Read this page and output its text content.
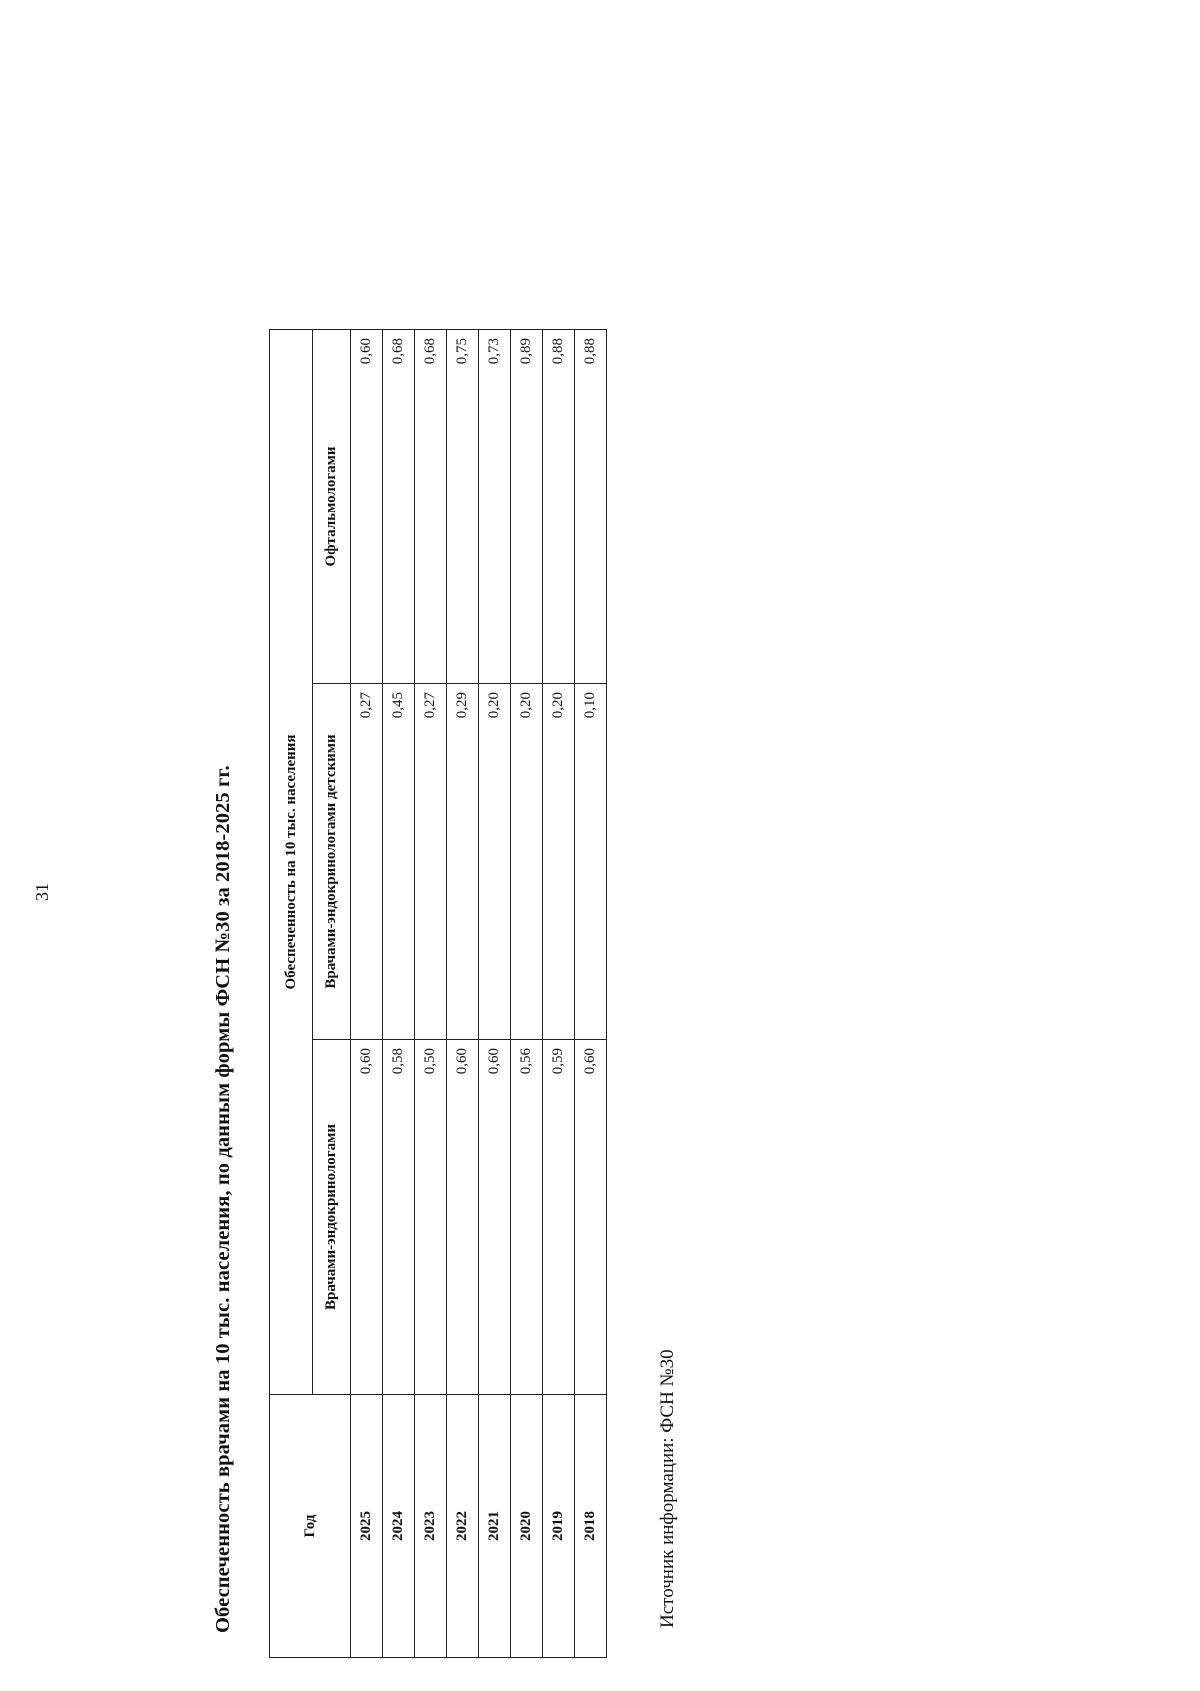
31	Обеспеченность врачами на 10 тыс. населения, по данным формы ФСН №30 за 2018-2025 гг.	Год	Обеспеченность на 10 тыс. населения		
	Врачами-эндокринологами	Врачами-эндокринологами детскими	Офтальмологами
2025	0,60	0,27	0,60
2024	0,58	0,45	0,68
2023	0,50	0,27	0,68
2022	0,60	0,29	0,75
2021	0,60	0,20	0,73
2020	0,56	0,20	0,89
2019	0,59	0,20	0,88
2018	0,60	0,10	0,88
Источник информации: ФСН №30
